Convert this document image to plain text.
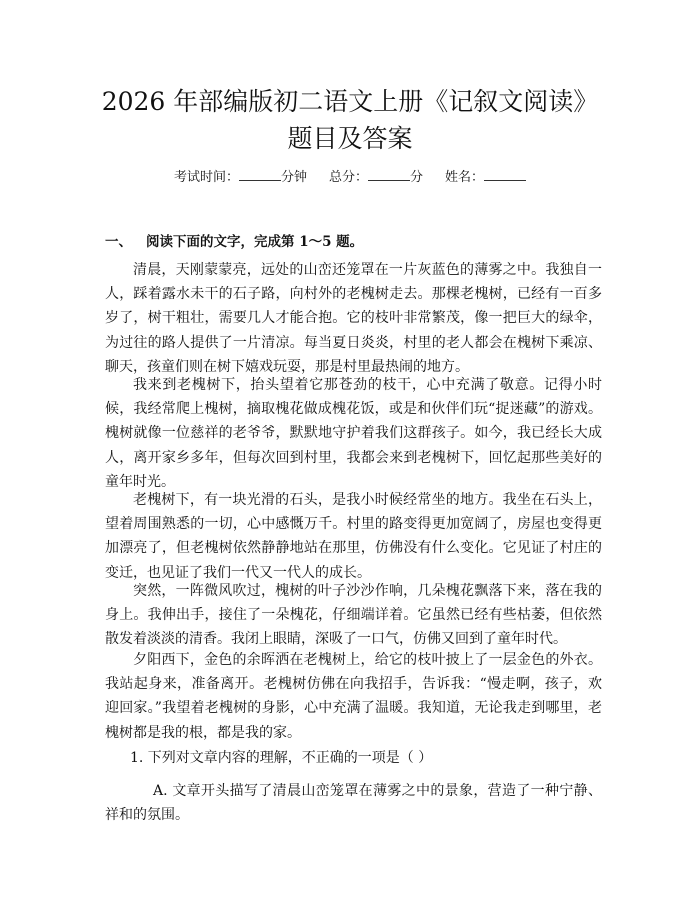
2026 年部编版初二语文上册《记叙文阅读》
题目及答案
考试时间：	分钟 总分：	分 姓名：
一、 阅读下面的文字，完成第 1～5 题。

清晨，天刚蒙蒙亮，远处的山峦还笼罩在一片灰蓝色的薄雾之中。我独自一人，踩着露水未干的石子路，向村外的老槐树走去。那棵老槐树，已经有一百多岁了，树干粗壮，需要几人才能合抱。它的枝叶非常繁茂，像一把巨大的绿伞，为过往的路人提供了一片清凉。每当夏日炎炎，村里的老人都会在槐树下乘凉、聊天，孩童们则在树下嬉戏玩耍，那是村里最热闹的地方。

我来到老槐树下，抬头望着它那苍劲的枝干，心中充满了敬意。记得小时候，我经常爬上槐树，摘取槐花做成槐花饭，或是和伙伴们玩“捉迷藏”的游戏。槐树就像一位慈祥的老爷爷，默默地守护着我们这群孩子。如今，我已经长大成人，离开家乡多年，但每次回到村里，我都会来到老槐树下，回忆起那些美好的童年时光。

老槐树下，有一块光滑的石头，是我小时候经常坐的地方。我坐在石头上，望着周围熟悉的一切，心中感慨万千。村里的路变得更加宽阔了，房屋也变得更加漂亮了，但老槐树依然静静地站在那里，仿佛没有什么变化。它见证了村庄的变迁，也见证了我们一代又一代人的成长。

突然，一阵微风吹过，槐树的叶子沙沙作响，几朵槐花飘落下来，落在我的身上。我伸出手，接住了一朵槐花，仔细端详着。它虽然已经有些枯萎，但依然散发着淡淡的清香。我闭上眼睛，深吸了一口气，仿佛又回到了童年时代。

夕阳西下，金色的余晖洒在老槐树上，给它的枝叶披上了一层金色的外衣。我站起身来，准备离开。老槐树仿佛在向我招手，告诉我：“慢走啊，孩子，欢迎回家。”我望着老槐树的身影，心中充满了温暖。我知道，无论我走到哪里，老槐树都是我的根，都是我的家。

1. 下列对文章内容的理解，不正确的一项是（ ）

A. 文章开头描写了清晨山峦笼罩在薄雾之中的景象，营造了一种宁静、祥和的氛围。
